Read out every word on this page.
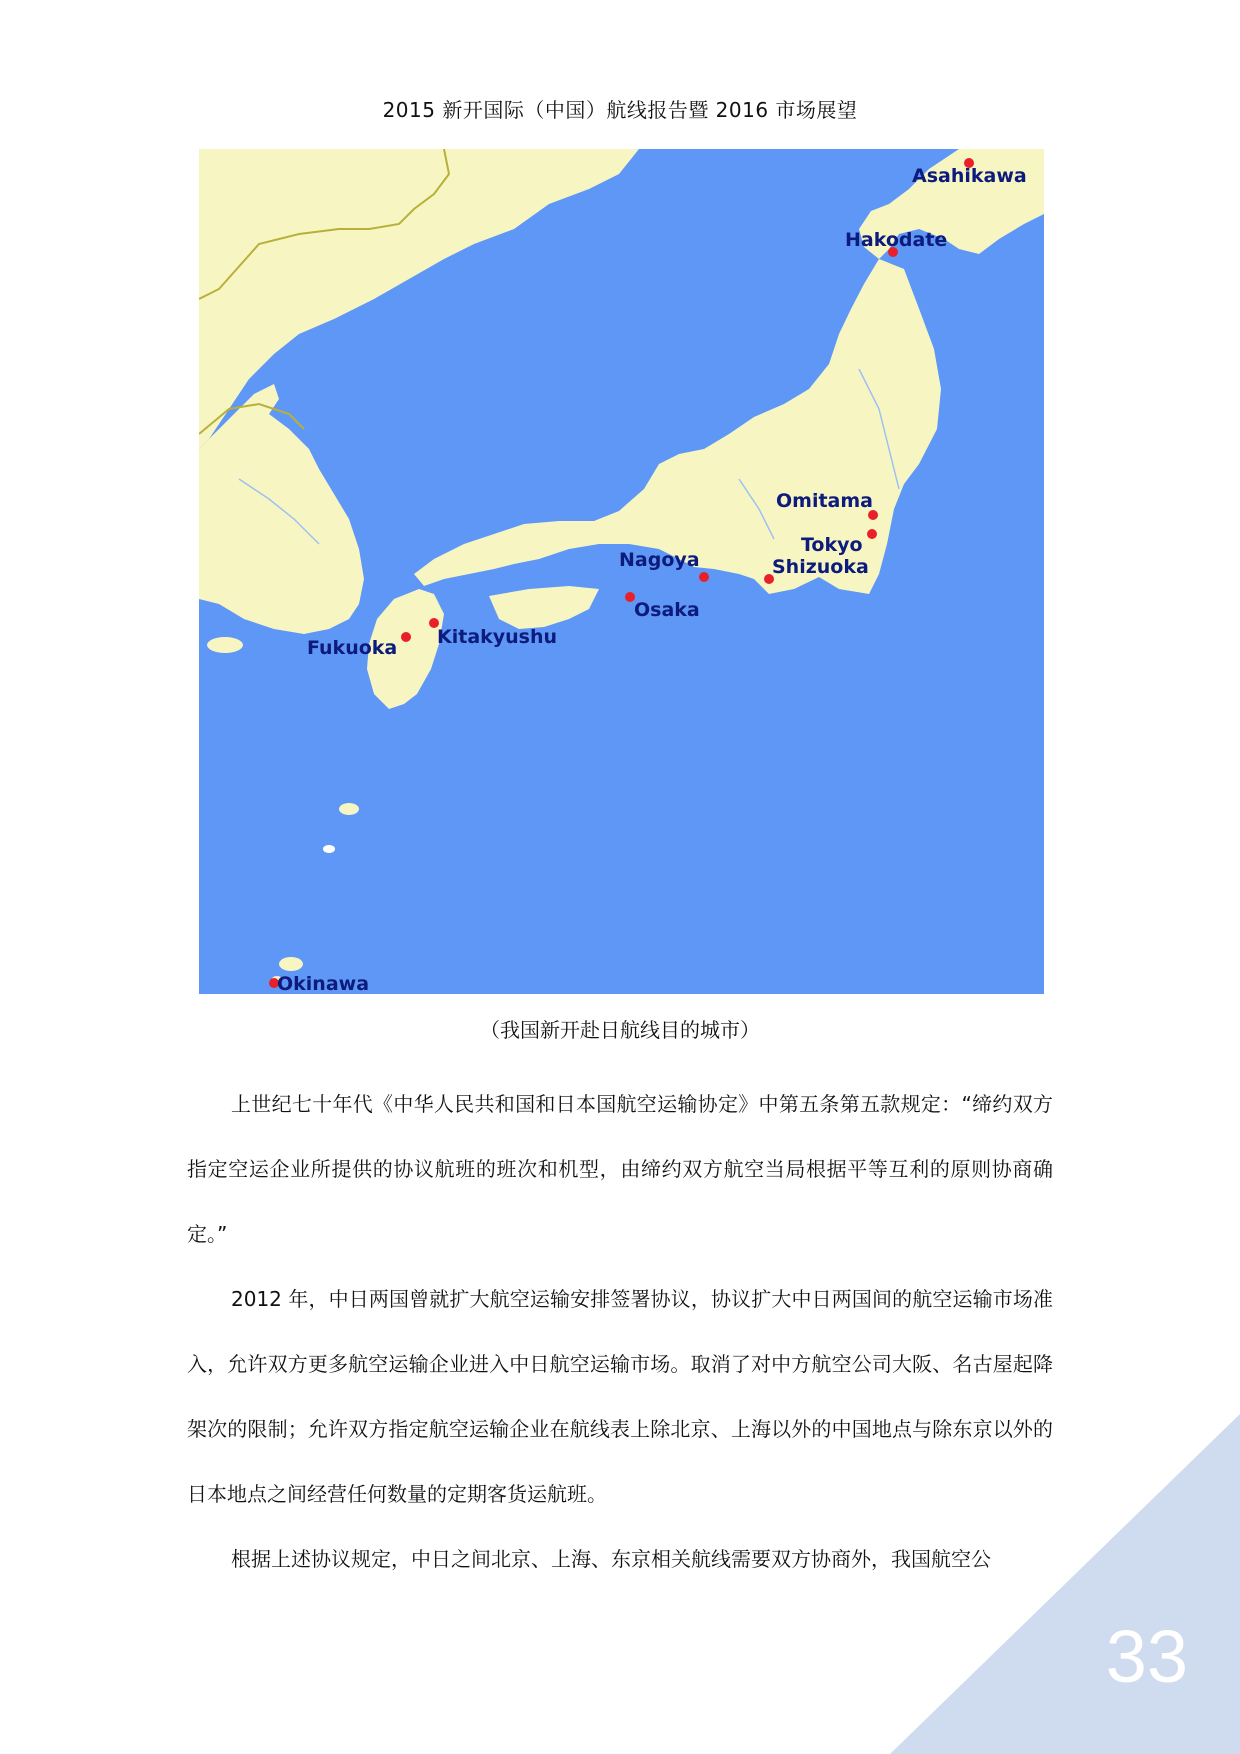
2015 新开国际（中国）航线报告暨 2016 市场展望
Asahikawa
Hakodate
Omitama
Tokyo
Shizuoka
Nagoya
Osaka
Kitakyushu
Fukuoka
Okinawa
（我国新开赴日航线目的城市）

上世纪七十年代《中华人民共和国和日本国航空运输协定》中第五条第五款规定：“缔约双方指定空运企业所提供的协议航班的班次和机型，由缔约双方航空当局根据平等互利的原则协商确定。”

2012 年，中日两国曾就扩大航空运输安排签署协议，协议扩大中日两国间的航空运输市场准入，允许双方更多航空运输企业进入中日航空运输市场。取消了对中方航空公司大阪、名古屋起降架次的限制；允许双方指定航空运输企业在航线表上除北京、上海以外的中国地点与除东京以外的日本地点之间经营任何数量的定期客货运航班。

根据上述协议规定，中日之间北京、上海、东京相关航线需要双方协商外，我国航空公

33
